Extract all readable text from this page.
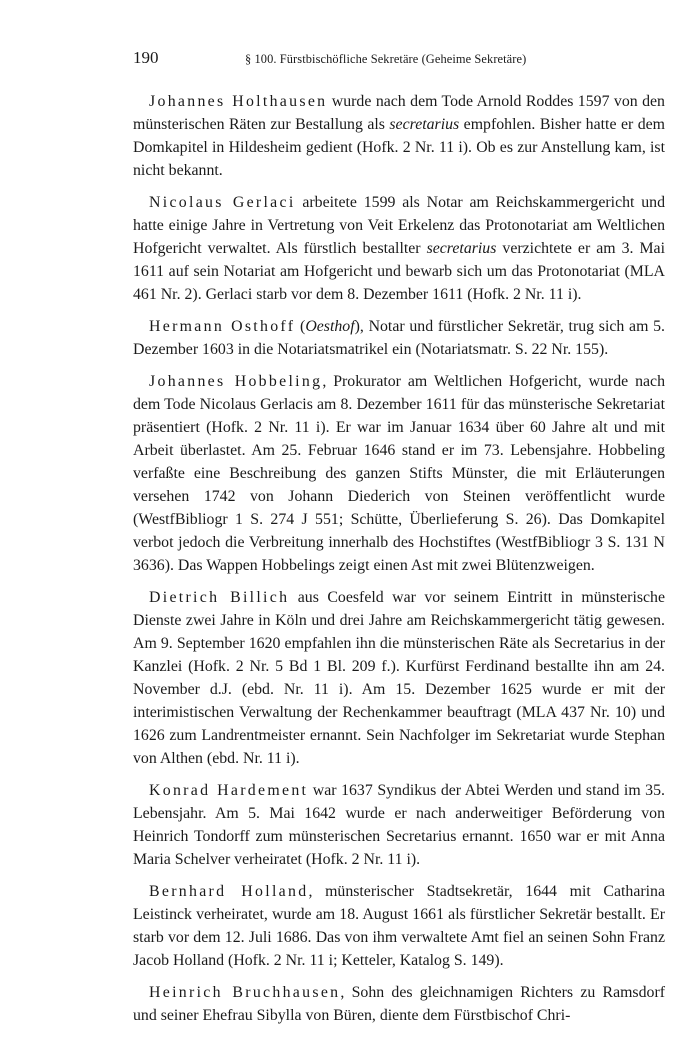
190	§ 100. Fürstbischöfliche Sekretäre (Geheime Sekretäre)

Johannes Holthausen wurde nach dem Tode Arnold Roddes 1597 von den münsterischen Räten zur Bestallung als secretarius empfohlen. Bisher hatte er dem Domkapitel in Hildesheim gedient (Hofk. 2 Nr. 11 i). Ob es zur Anstellung kam, ist nicht bekannt.

Nicolaus Gerlaci arbeitete 1599 als Notar am Reichskammergericht und hatte einige Jahre in Vertretung von Veit Erkelenz das Protonotariat am Weltlichen Hofgericht verwaltet. Als fürstlich bestallter secretarius verzichtete er am 3. Mai 1611 auf sein Notariat am Hofgericht und bewarb sich um das Protonotariat (MLA 461 Nr. 2). Gerlaci starb vor dem 8. Dezember 1611 (Hofk. 2 Nr. 11 i).

Hermann Osthoff (Oesthof), Notar und fürstlicher Sekretär, trug sich am 5. Dezember 1603 in die Notariatsmatrikel ein (Notariatsmatr. S. 22 Nr. 155).

Johannes Hobbeling, Prokurator am Weltlichen Hofgericht, wurde nach dem Tode Nicolaus Gerlacis am 8. Dezember 1611 für das münsterische Sekretariat präsentiert (Hofk. 2 Nr. 11 i). Er war im Januar 1634 über 60 Jahre alt und mit Arbeit überlastet. Am 25. Februar 1646 stand er im 73. Lebensjahre. Hobbeling verfaßte eine Beschreibung des ganzen Stifts Münster, die mit Erläuterungen versehen 1742 von Johann Diederich von Steinen veröffentlicht wurde (WestfBibliogr 1 S. 274 J 551; Schütte, Überlieferung S. 26). Das Domkapitel verbot jedoch die Verbreitung innerhalb des Hochstiftes (WestfBibliogr 3 S. 131 N 3636). Das Wappen Hobbelings zeigt einen Ast mit zwei Blütenzweigen.

Dietrich Billich aus Coesfeld war vor seinem Eintritt in münsterische Dienste zwei Jahre in Köln und drei Jahre am Reichskammergericht tätig gewesen. Am 9. September 1620 empfahlen ihn die münsterischen Räte als Secretarius in der Kanzlei (Hofk. 2 Nr. 5 Bd 1 Bl. 209 f.). Kurfürst Ferdinand bestallte ihn am 24. November d.J. (ebd. Nr. 11 i). Am 15. Dezember 1625 wurde er mit der interimistischen Verwaltung der Rechenkammer beauftragt (MLA 437 Nr. 10) und 1626 zum Landrentmeister ernannt. Sein Nachfolger im Sekretariat wurde Stephan von Althen (ebd. Nr. 11 i).

Konrad Hardement war 1637 Syndikus der Abtei Werden und stand im 35. Lebensjahr. Am 5. Mai 1642 wurde er nach anderweitiger Beförderung von Heinrich Tondorff zum münsterischen Secretarius ernannt. 1650 war er mit Anna Maria Schelver verheiratet (Hofk. 2 Nr. 11 i).

Bernhard Holland, münsterischer Stadtsekretär, 1644 mit Catharina Leistinck verheiratet, wurde am 18. August 1661 als fürstlicher Sekretär bestallt. Er starb vor dem 12. Juli 1686. Das von ihm verwaltete Amt fiel an seinen Sohn Franz Jacob Holland (Hofk. 2 Nr. 11 i; Ketteler, Katalog S. 149).

Heinrich Bruchhausen, Sohn des gleichnamigen Richters zu Ramsdorf und seiner Ehefrau Sibylla von Büren, diente dem Fürstbischof Chri-
